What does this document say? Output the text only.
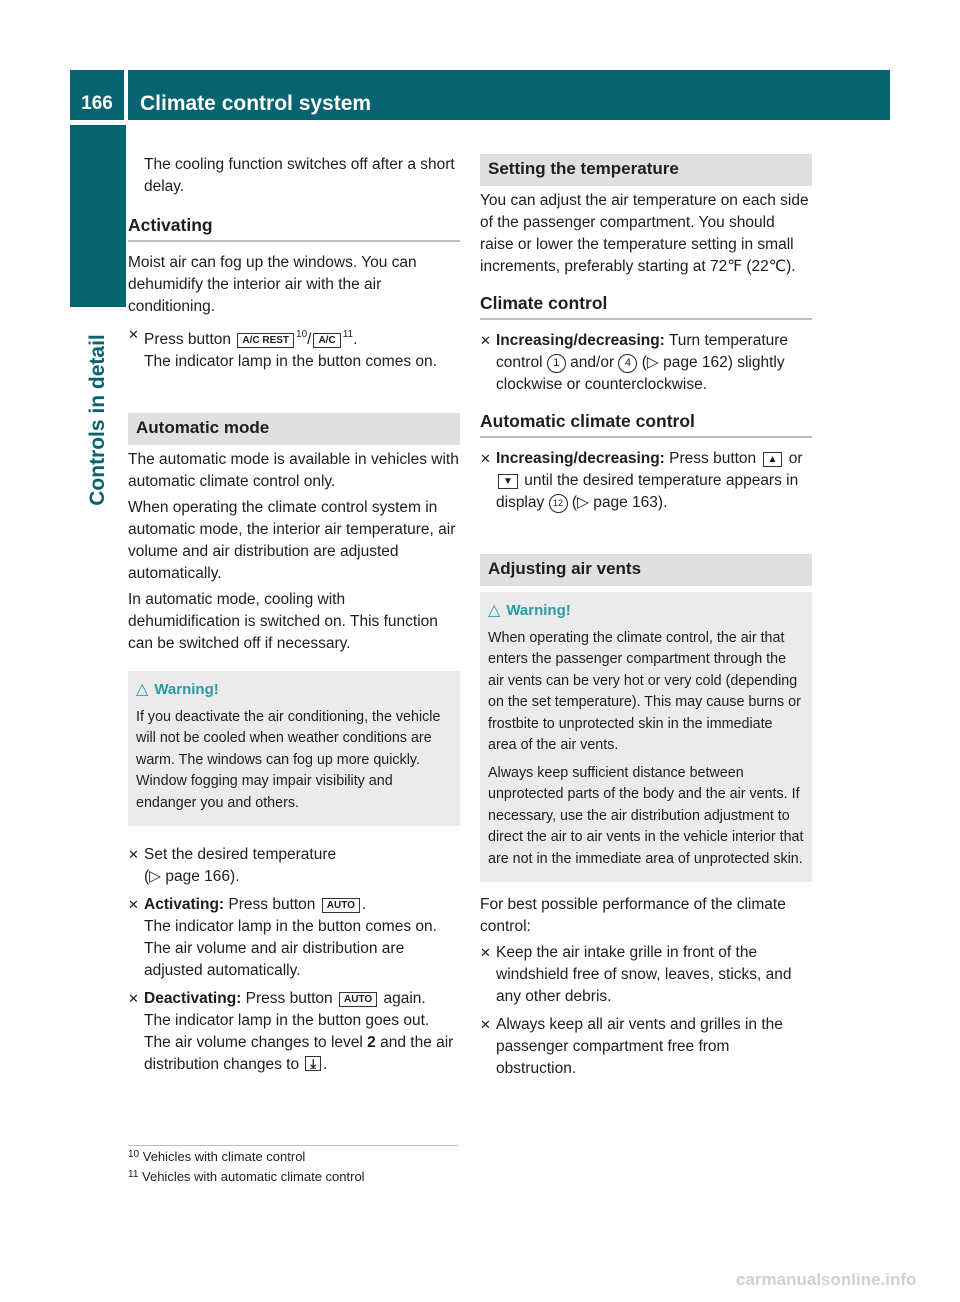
166	Climate control system
Controls in detail

The cooling function switches off after a short delay.

Activating

Moist air can fog up the windows. You can dehumidify the interior air with the air conditioning.

✕ Press button A/C REST$^{10}$/ $A/C^{11}$.
The indicator lamp in the button comes on.
Automatic mode

The automatic mode is available in vehicles with automatic climate control only.

When operating the climate control system in automatic mode, the interior air temperature, air volume and air distribution are adjusted automatically.

In automatic mode, cooling with dehumidification is switched on. This function can be switched off if necessary.

△ Warning!

If you deactivate the air conditioning, the vehicle will not be cooled when weather conditions are warm. The windows can fog up more quickly. Window fogging may impair visibility and endanger you and others.

✕ Set the desired temperature
(▷ page 166).
✕ Activating: Press button AUTO .
The indicator lamp in the button comes on.
The air volume and air distribution are adjusted automatically.
✕ Deactivating: Press button AUTO again.
The indicator lamp in the button goes out.
The air volume changes to level 2 and the air distribution changes to ⤓ .
Setting the temperature

You can adjust the air temperature on each side of the passenger compartment. You should raise or lower the temperature setting in small increments, preferably starting at 72℉ (22℃).

Climate control
✕ Increasing/decreasing: Turn temperature control 1 and/or 4 (▷ page 162) slightly clockwise or counterclockwise.
Automatic climate control
✕ Increasing/decreasing: Press button ▲ or ▼ until the desired temperature appears in display 12 (▷ page 163).
Adjusting air vents
△ Warning!

When operating the climate control, the air that enters the passenger compartment through the air vents can be very hot or very cold (depending on the set temperature). This may cause burns or frostbite to unprotected skin in the immediate area of the air vents.

Always keep sufficient distance between unprotected parts of the body and the air vents. If necessary, use the air distribution adjustment to direct the air to air vents in the vehicle interior that are not in the immediate area of unprotected skin.

For best possible performance of the climate control:

✕ Keep the air intake grille in front of the windshield free of snow, leaves, sticks, and any other debris.
✕ Always keep all air vents and grilles in the passenger compartment free from obstruction.
$^{10}$ Vehicles with climate control
$^{11}$ Vehicles with automatic climate control
carmanualsonline.info
